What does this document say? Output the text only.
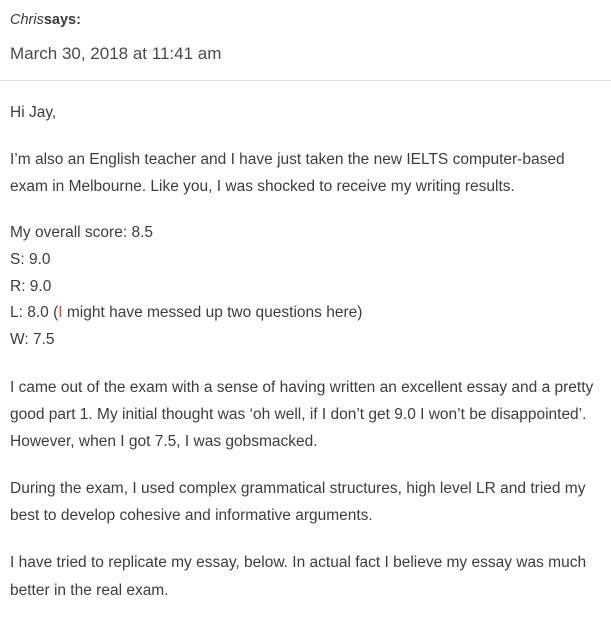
Chrissays:
March 30, 2018 at 11:41 am

Hi Jay,

I’m also an English teacher and I have just taken the new IELTS computer-based exam in Melbourne. Like you, I was shocked to receive my writing results.

My overall score: 8.5

S: 9.0

R: 9.0

L: 8.0 (I might have messed up two questions here)

W: 7.5

I came out of the exam with a sense of having written an excellent essay and a pretty good part 1. My initial thought was ‘oh well, if I don’t get 9.0 I won’t be disappointed’. However, when I got 7.5, I was gobsmacked.

During the exam, I used complex grammatical structures, high level LR and tried my best to develop cohesive and informative arguments.

I have tried to replicate my essay, below. In actual fact I believe my essay was much better in the real exam.
